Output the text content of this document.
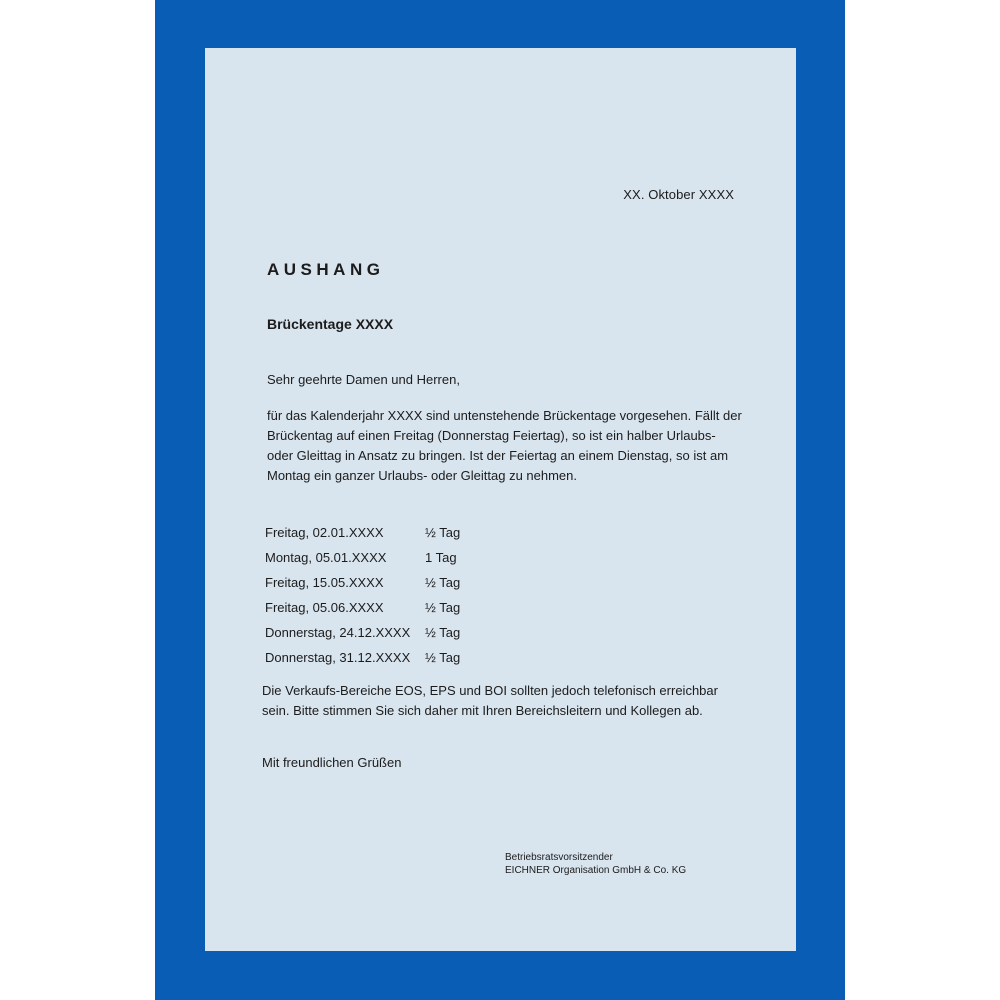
XX. Oktober XXXX
AUSHANG
Brückentage XXXX
Sehr geehrte Damen und Herren,

für das Kalenderjahr XXXX sind untenstehende Brückentage vorgesehen. Fällt der Brückentag auf einen Freitag (Donnerstag Feiertag), so ist ein halber Urlaubs- oder Gleittag in Ansatz zu bringen. Ist der Feiertag an einem Dienstag, so ist am Montag ein ganzer Urlaubs- oder Gleittag zu nehmen.

Freitag, 02.01.XXXX	½ Tag
Montag, 05.01.XXXX	1 Tag
Freitag, 15.05.XXXX	½ Tag
Freitag, 05.06.XXXX	½ Tag
Donnerstag, 24.12.XXXX	½ Tag
Donnerstag, 31.12.XXXX	½ Tag

Die Verkaufs-Bereiche EOS, EPS und BOI sollten jedoch telefonisch erreichbar sein. Bitte stimmen Sie sich daher mit Ihren Bereichsleitern und Kollegen ab.

Mit freundlichen Grüßen
Betriebsratsvorsitzender
EICHNER Organisation GmbH & Co. KG
